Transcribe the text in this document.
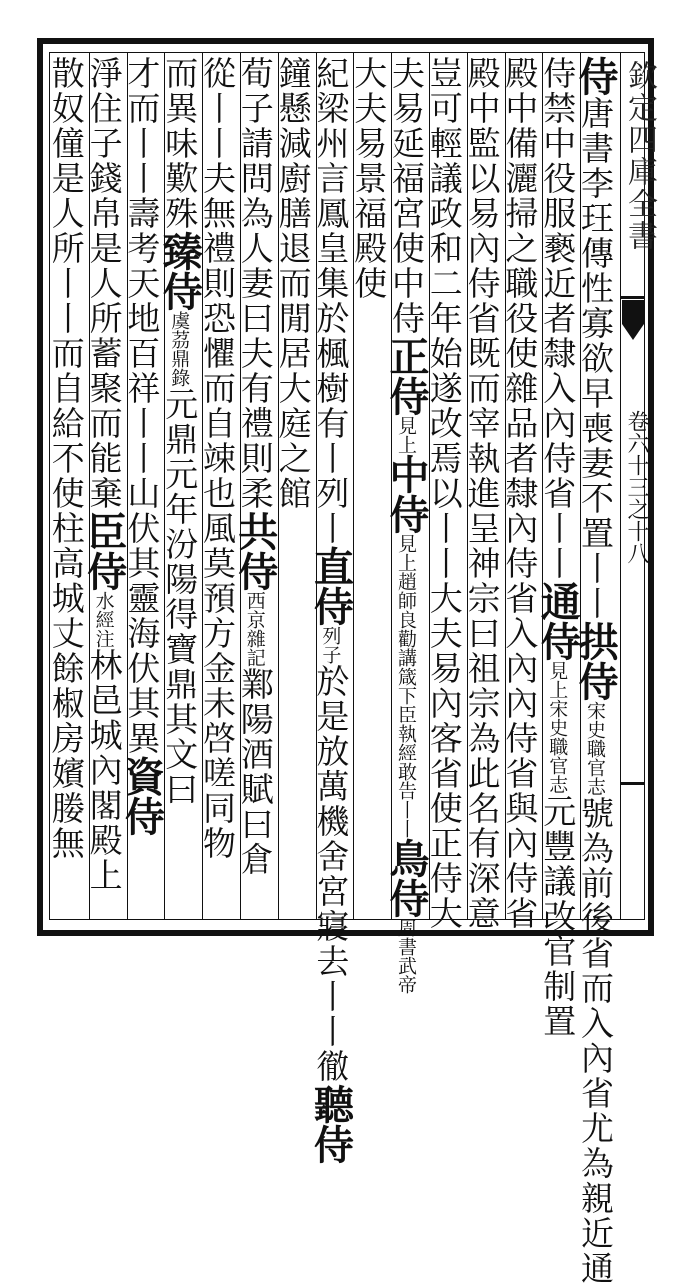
欽定四庫全書
卷六十三之十八
侍唐書李玨傳性寡欲早喪妻不置丨丨拱侍宋史職官志號為前後省而入內省尤為親近通
侍禁中役服褻近者隸入內侍省丨丨通侍見上宋史職官志元豐議改官制置
殿中備灑掃之職役使雜品者隸內侍省入內內侍省與內侍省
殿中監以易內侍省既而宰執進呈神宗曰祖宗為此名有深意
豈可輕議政和二年始遂改焉以丨丨大夫易內客省使正侍大
夫易延福宮使中侍正侍見上中侍見上趙師良勸講箴下臣執經敢告丨丨鳥侍周書武帝
大夫易景福殿使
紀梁州言鳳皇集於楓樹有丨列丨直侍列子於是放萬機舍宮寢去丨丨徹聽侍
鐘懸減廚膳退而閒居大庭之館
荀子請問為人妻曰夫有禮則柔共侍西京雜記鄴陽酒賦曰倉
從丨丨夫無禮則恐懼而自竦也風莫預方金未啓嗟同物
而異味歎殊臻侍虞茘鼎錄元鼎元年汾陽得寶鼎其文曰
才而丨丨壽考天地百祥丨丨山伏其靈海伏其異資侍
淨住子錢帛是人所蓄聚而能棄臣侍水經注林邑城內閣殿上
散奴僮是人所丨丨而自給不使柱高城丈餘椒房嬪媵無
